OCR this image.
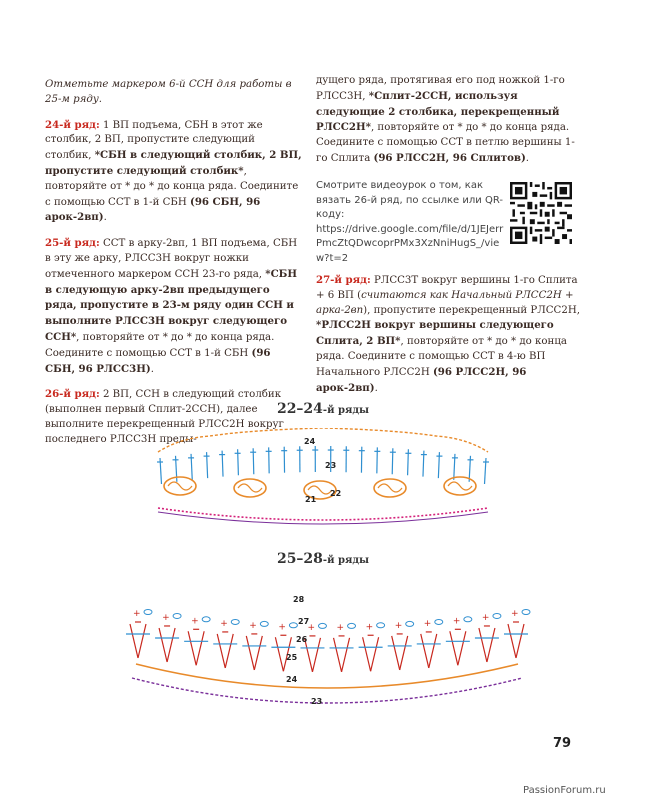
Отметьте маркером 6-й ССН для работы в 25-м ряду.

24-й ряд: 1 ВП подъема, СБН в этот же столбик, 2 ВП, пропустите следующий столбик, *СБН в следующий столбик, 2 ВП, пропустите следующий столбик*, повторяйте от * до * до конца ряда. Соедините с помощью ССТ в 1-й СБН (96 СБН, 96 арок-2вп).

25-й ряд: ССТ в арку-2вп, 1 ВП подъема, СБН в эту же арку, РЛСС3Н вокруг ножки отмеченного маркером ССН 23-го ряда, *СБН в следующую арку-2вп предыдущего ряда, пропустите в 23-м ряду один ССН и выполните РЛСС3Н вокруг следующего ССН*, повторяйте от * до * до конца ряда. Соедините с помощью ССТ в 1-й СБН (96 СБН, 96 РЛСС3Н).

26-й ряд: 2 ВП, ССН в следующий столбик (выполнен первый Сплит-2ССН), далее выполните перекрещенный РЛСС2Н вокруг последнего РЛСС3Н преды-

дущего ряда, протягивая его под ножкой 1-го РЛСС3Н, *Сплит-2ССН, используя следующие 2 столбика, перекрещенный РЛСС2Н*, повторяйте от * до * до конца ряда. Соедините с помощью ССТ в петлю вершины 1-го Сплита (96 РЛСС2Н, 96 Сплитов).

Смотрите видеоурок о том, как вязать 26-й ряд, по ссылке или QR-коду:
https://drive.google.com/file/d/1JEJerrPmcZtQDwcoprPMx3XzNniHugS_/view?t=2

27-й ряд: РЛСС3Т вокруг вершины 1-го Сплита + 6 ВП (считаются как Начальный РЛСС2Н + арка-2вп), пропустите перекрещенный РЛСС2Н, *РЛСС2Н вокруг вершины следующего Сплита, 2 ВП*, повторяйте от * до * до конца ряда. Соедините с помощью ССТ в 4-ю ВП Начального РЛСС2Н (96 РЛСС2Н, 96 арок-2вп).

22–24-й ряды
24
23
22
21
25–28-й ряды
+ + + + + + + + + + + + + +
28
27
26
25
24
23
79
PassionForum.ru
